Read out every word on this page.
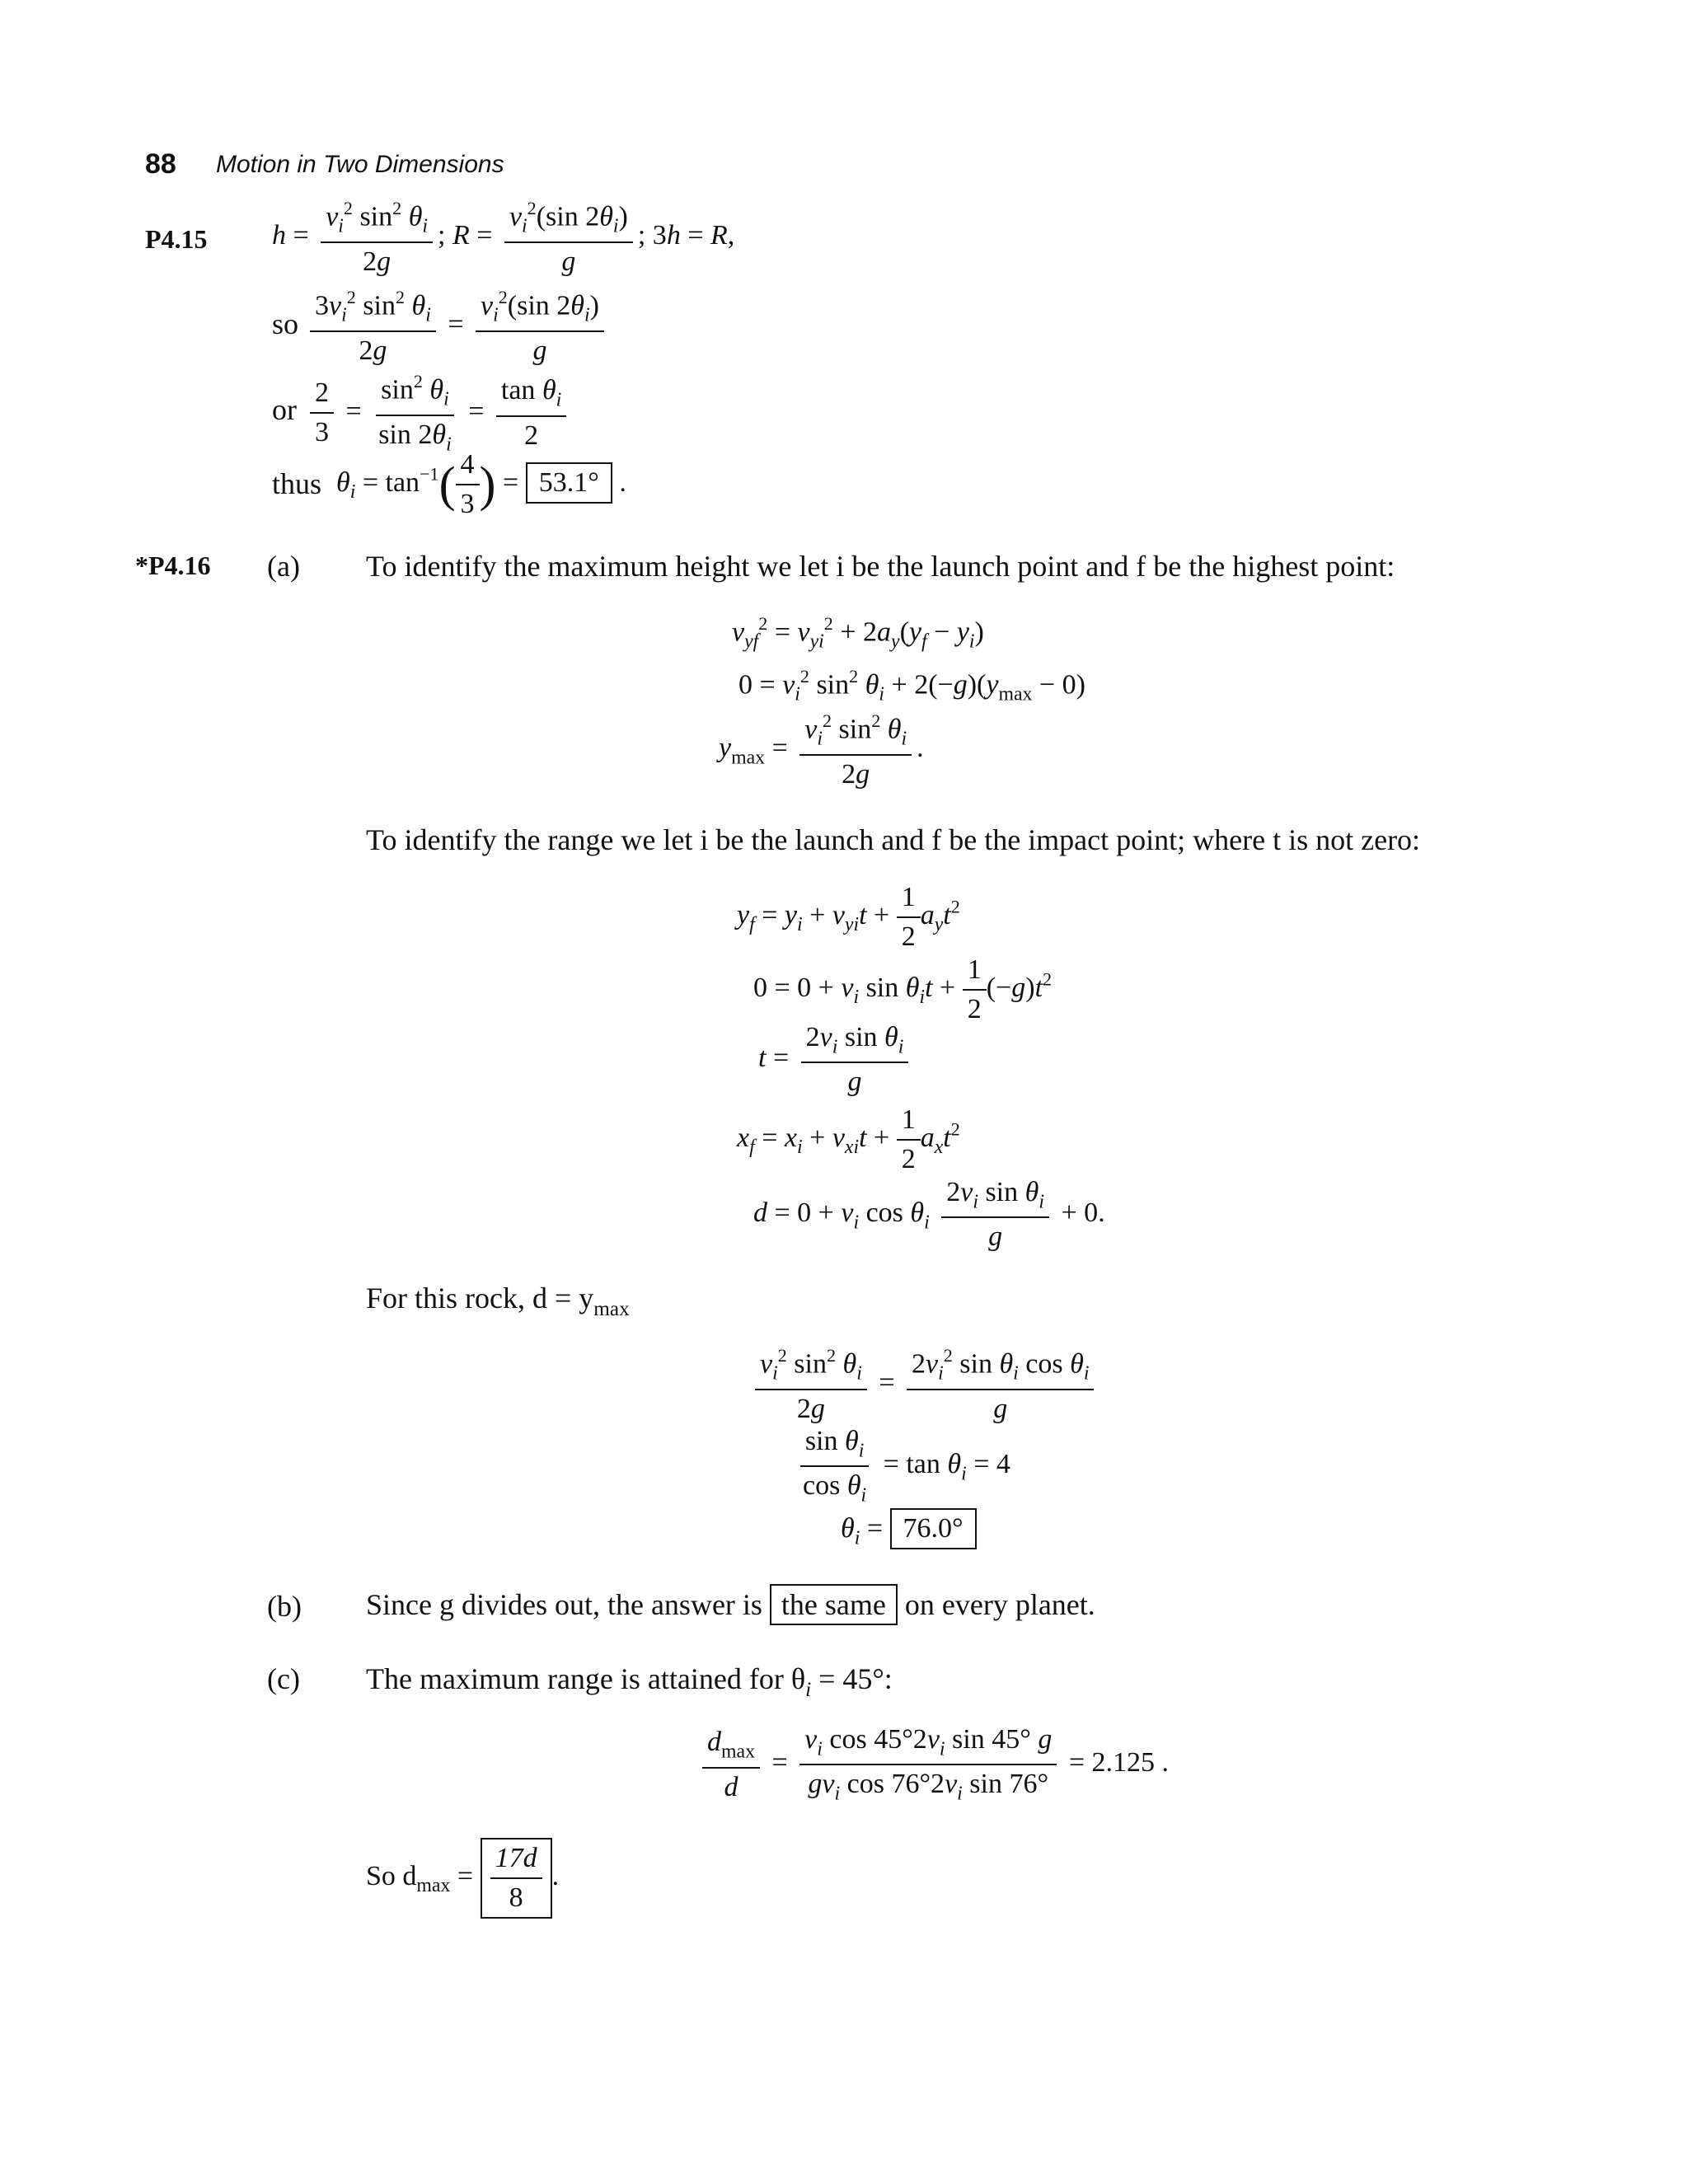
88 Motion in Two Dimensions
P4.15 $h = \frac{v_i^2 \sin^2 \theta_i}{2g}$ ; $R = \frac{v_i^2(\sin 2\theta_i)}{g}$ ; 3h = R,
so $\frac{3v_i^2 \sin^2 \theta_i}{2g} = \frac{v_i^2(\sin 2\theta_i)}{g}$
or $\frac{2}{3} = \frac{\sin^2 \theta_i}{\sin 2\theta_i} = \frac{\tan \theta_i}{2}$
thus $\theta_i = \tan^{-1}( \frac{4}{3}$ ) = 53.1° .
*P4.16 (a) To identify the maximum height we let i be the launch point and f be the highest point:
$v_{yf}^2 = v_{yi}^2 + 2a_y(y_f - y_i)$
$0 = v_i^2$ $\sin^2 \theta_i + 2(-g)(y_{max} - 0)$
$y_{max} = \frac{v_i^2 \sin^2 \theta_i}{2g}$ .
To identify the range we let i be the launch and f be the impact point; where t is not zero:
$y_f = y_i + v_{yi}t + \frac{1}{2} a_yt^2$
$0 = 0 + v_i$ $\sin \theta_it + \frac{1}{2} (-g)t^2$
$t = \frac{2v_i \sin \theta_i}{g}$
$x_f = x_i + v_{xi}t + \frac{1}{2} a_xt^2$
$d = 0 + v_i$ $\cos \theta_i \frac{2v_i \sin \theta_i}{g} + 0$.
For this rock, $d = y_{max}$
$\frac{v_i^2 \sin^2 \theta_i}{2g} = \frac{2v_i^2 \sin \theta_i \cos \theta_i}{g}$
$\frac{\sin \theta_i}{\cos \theta_i} = \tan \theta_i = 4$
$\theta_i = 76.0^\circ$
(b) Since g divides out, the answer is the same on every planet.
(c) The maximum range is attained for $\theta_i = 45^\circ$:
$\frac{d_{max}}{d} = \frac{v_i \cos 45^\circ 2v_i \sin 45^\circ g}{gv_i \cos 76^\circ 2v_i \sin 76^\circ} = 2.125$ .
So $d_{max} = \frac{17d}{8}$ .
